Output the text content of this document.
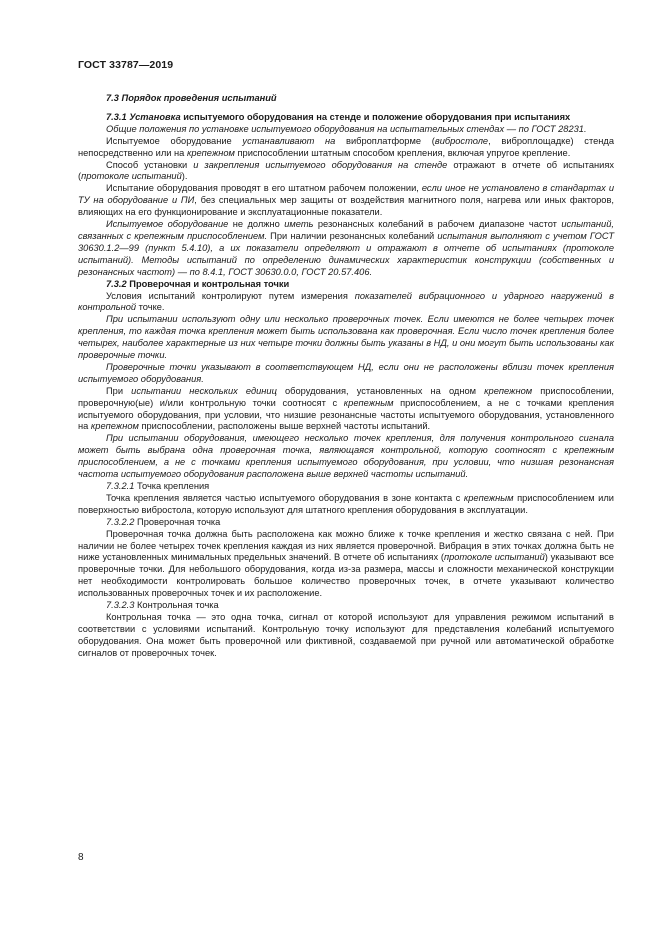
ГОСТ 33787—2019

7.3 Порядок проведения испытаний

7.3.1 Установка испытуемого оборудования на стенде и положение оборудования при испытаниях

Общие положения по установке испытуемого оборудования на испытательных стендах — по ГОСТ 28231.

Испытуемое оборудование устанавливают на виброплатформе (вибростоле, виброплощадке) стенда непосредственно или на крепежном приспособлении штатным способом крепления, включая упругое крепление.

Способ установки и закрепления испытуемого оборудования на стенде отражают в отчете об испытаниях (протоколе испытаний).

Испытание оборудования проводят в его штатном рабочем положении, если иное не установлено в стандартах и ТУ на оборудование и ПИ, без специальных мер защиты от воздействия магнитного поля, нагрева или иных факторов, влияющих на его функционирование и эксплуатационные показатели.

Испытуемое оборудование не должно иметь резонансных колебаний в рабочем диапазоне частот испытаний, связанных с крепежным приспособлением. При наличии резонансных колебаний испытания выполняют с учетом ГОСТ 30630.1.2—99 (пункт 5.4.10), а их показатели определяют и отражают в отчете об испытаниях (протоколе испытаний). Методы испытаний по определению динамических характеристик конструкции (собственных и резонансных частот) — по 8.4.1, ГОСТ 30630.0.0, ГОСТ 20.57.406.

7.3.2 Проверочная и контрольная точки

Условия испытаний контролируют путем измерения показателей вибрационного и ударного нагружений в контрольной точке.

При испытании используют одну или несколько проверочных точек. Если имеются не более четырех точек крепления, то каждая точка крепления может быть использована как проверочная. Если число точек крепления более четырех, наиболее характерные из них четыре точки должны быть указаны в НД, и они могут быть использованы как проверочные точки.

Проверочные точки указывают в соответствующем НД, если они не расположены вблизи точек крепления испытуемого оборудования.

При испытании нескольких единиц оборудования, установленных на одном крепежном приспособлении, проверочную(ые) и/или контрольную точки соотносят с крепежным приспособлением, а не с точками крепления испытуемого оборудования, при условии, что низшие резонансные частоты испытуемого оборудования, установленного на крепежном приспособлении, расположены выше верхней частоты испытаний.

При испытании оборудования, имеющего несколько точек крепления, для получения контрольного сигнала может быть выбрана одна проверочная точка, являющаяся контрольной, которую соотносят с крепежным приспособлением, а не с точками крепления испытуемого оборудования, при условии, что низшая резонансная частота испытуемого оборудования расположена выше верхней частоты испытаний.

7.3.2.1 Точка крепления

Точка крепления является частью испытуемого оборудования в зоне контакта с крепежным приспособлением или поверхностью вибростола, которую используют для штатного крепления оборудования в эксплуатации.

7.3.2.2 Проверочная точка

Проверочная точка должна быть расположена как можно ближе к точке крепления и жестко связана с ней. При наличии не более четырех точек крепления каждая из них является проверочной. Вибрация в этих точках должна быть не ниже установленных минимальных предельных значений. В отчете об испытаниях (протоколе испытаний) указывают все проверочные точки. Для небольшого оборудования, когда из-за размера, массы и сложности механической конструкции нет необходимости контролировать большое количество проверочных точек, в отчете указывают количество использованных проверочных точек и их расположение.

7.3.2.3 Контрольная точка

Контрольная точка — это одна точка, сигнал от которой используют для управления режимом испытаний в соответствии с условиями испытаний. Контрольную точку используют для представления колебаний испытуемого оборудования. Она может быть проверочной или фиктивной, создаваемой при ручной или автоматической обработке сигналов от проверочных точек.

8
